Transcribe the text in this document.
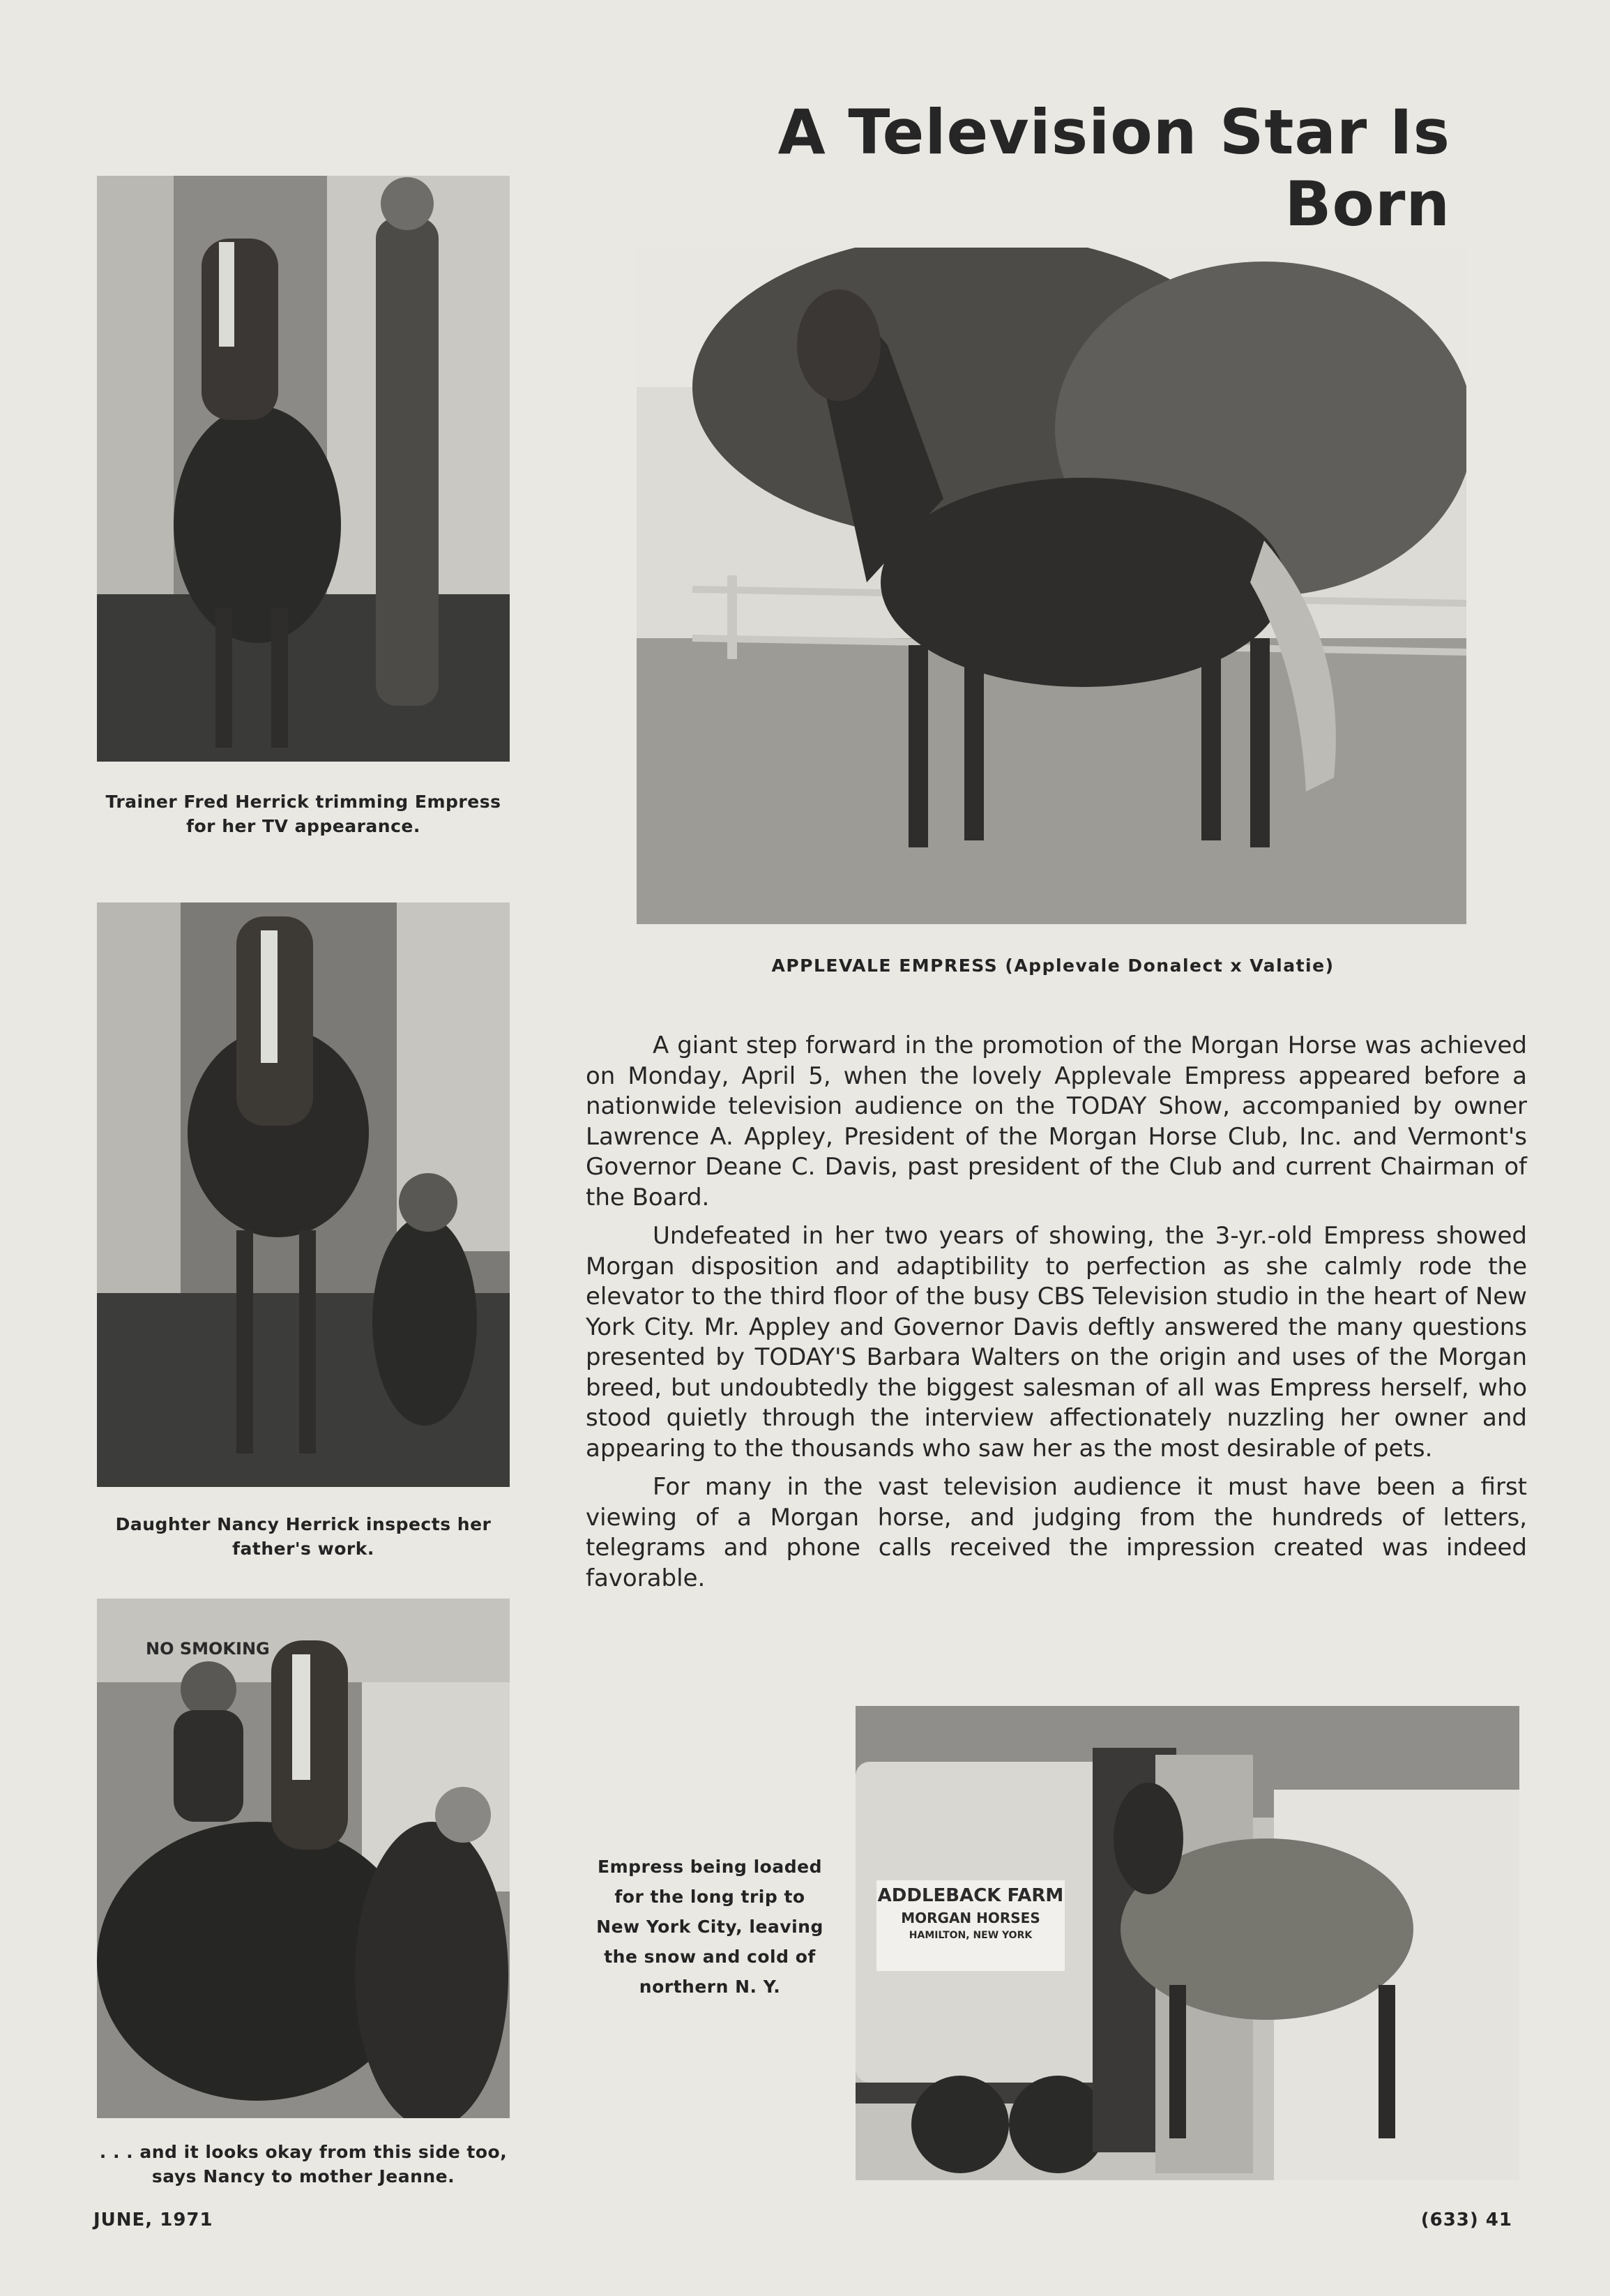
A Television Star Is Born
Trainer Fred Herrick trimming Empress for her TV appearance.
Daughter Nancy Herrick inspects her father's work.
NO SMOKING
. . . and it looks okay from this side too, says Nancy to mother Jeanne.
APPLEVALE EMPRESS (Applevale Donalect x Valatie)

A giant step forward in the promotion of the Morgan Horse was achieved on Monday, April 5, when the lovely Applevale Empress appeared before a nationwide television audience on the TODAY Show, accompanied by owner Lawrence A. Appley, President of the Morgan Horse Club, Inc. and Vermont's Governor Deane C. Davis, past president of the Club and current Chairman of the Board.

Undefeated in her two years of showing, the 3-yr.-old Empress showed Morgan disposition and adaptibility to perfection as she calmly rode the elevator to the third floor of the busy CBS Television studio in the heart of New York City. Mr. Appley and Governor Davis deftly answered the many questions presented by TODAY'S Barbara Walters on the origin and uses of the Morgan breed, but undoubtedly the biggest salesman of all was Empress herself, who stood quietly through the interview affectionately nuzzling her owner and appearing to the thousands who saw her as the most desirable of pets.

For many in the vast television audience it must have been a first viewing of a Morgan horse, and judging from the hundreds of letters, telegrams and phone calls received the impression created was indeed favorable.

Empress being loaded for the long trip to New York City, leaving the snow and cold of northern N. Y.
ADDLEBACK FARM
MORGAN HORSES
HAMILTON, NEW YORK
JUNE, 1971	(633) 41
